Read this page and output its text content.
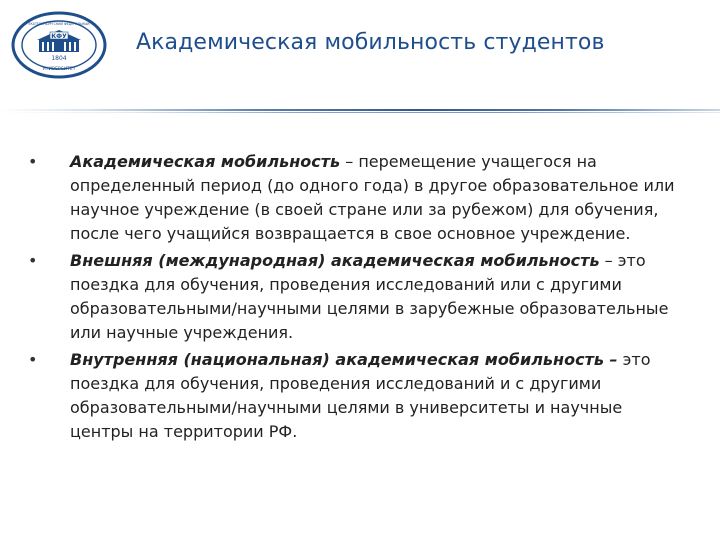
КФУ
1804
ЕКАТЕРИНБУРГСКИЙ ФЕДЕРАЛЬНЫЙ
УНИВЕРСИТЕТ
Академическая мобильность студентов
•	Академическая мобильность – перемещение учащегося на определенный период (до одного года) в другое образовательное или научное учреждение (в своей стране или за рубежом) для обучения, после чего учащийся возвращается в свое основное учреждение.
•	Внешняя (международная) академическая мобильность – это поездка для обучения, проведения исследований или с другими образовательными/научными целями в зарубежные образовательные или научные учреждения.
•	Внутренняя (национальная) академическая мобильность – это поездка для обучения, проведения исследований и с другими образовательными/научными целями в университеты и научные центры на территории РФ.
